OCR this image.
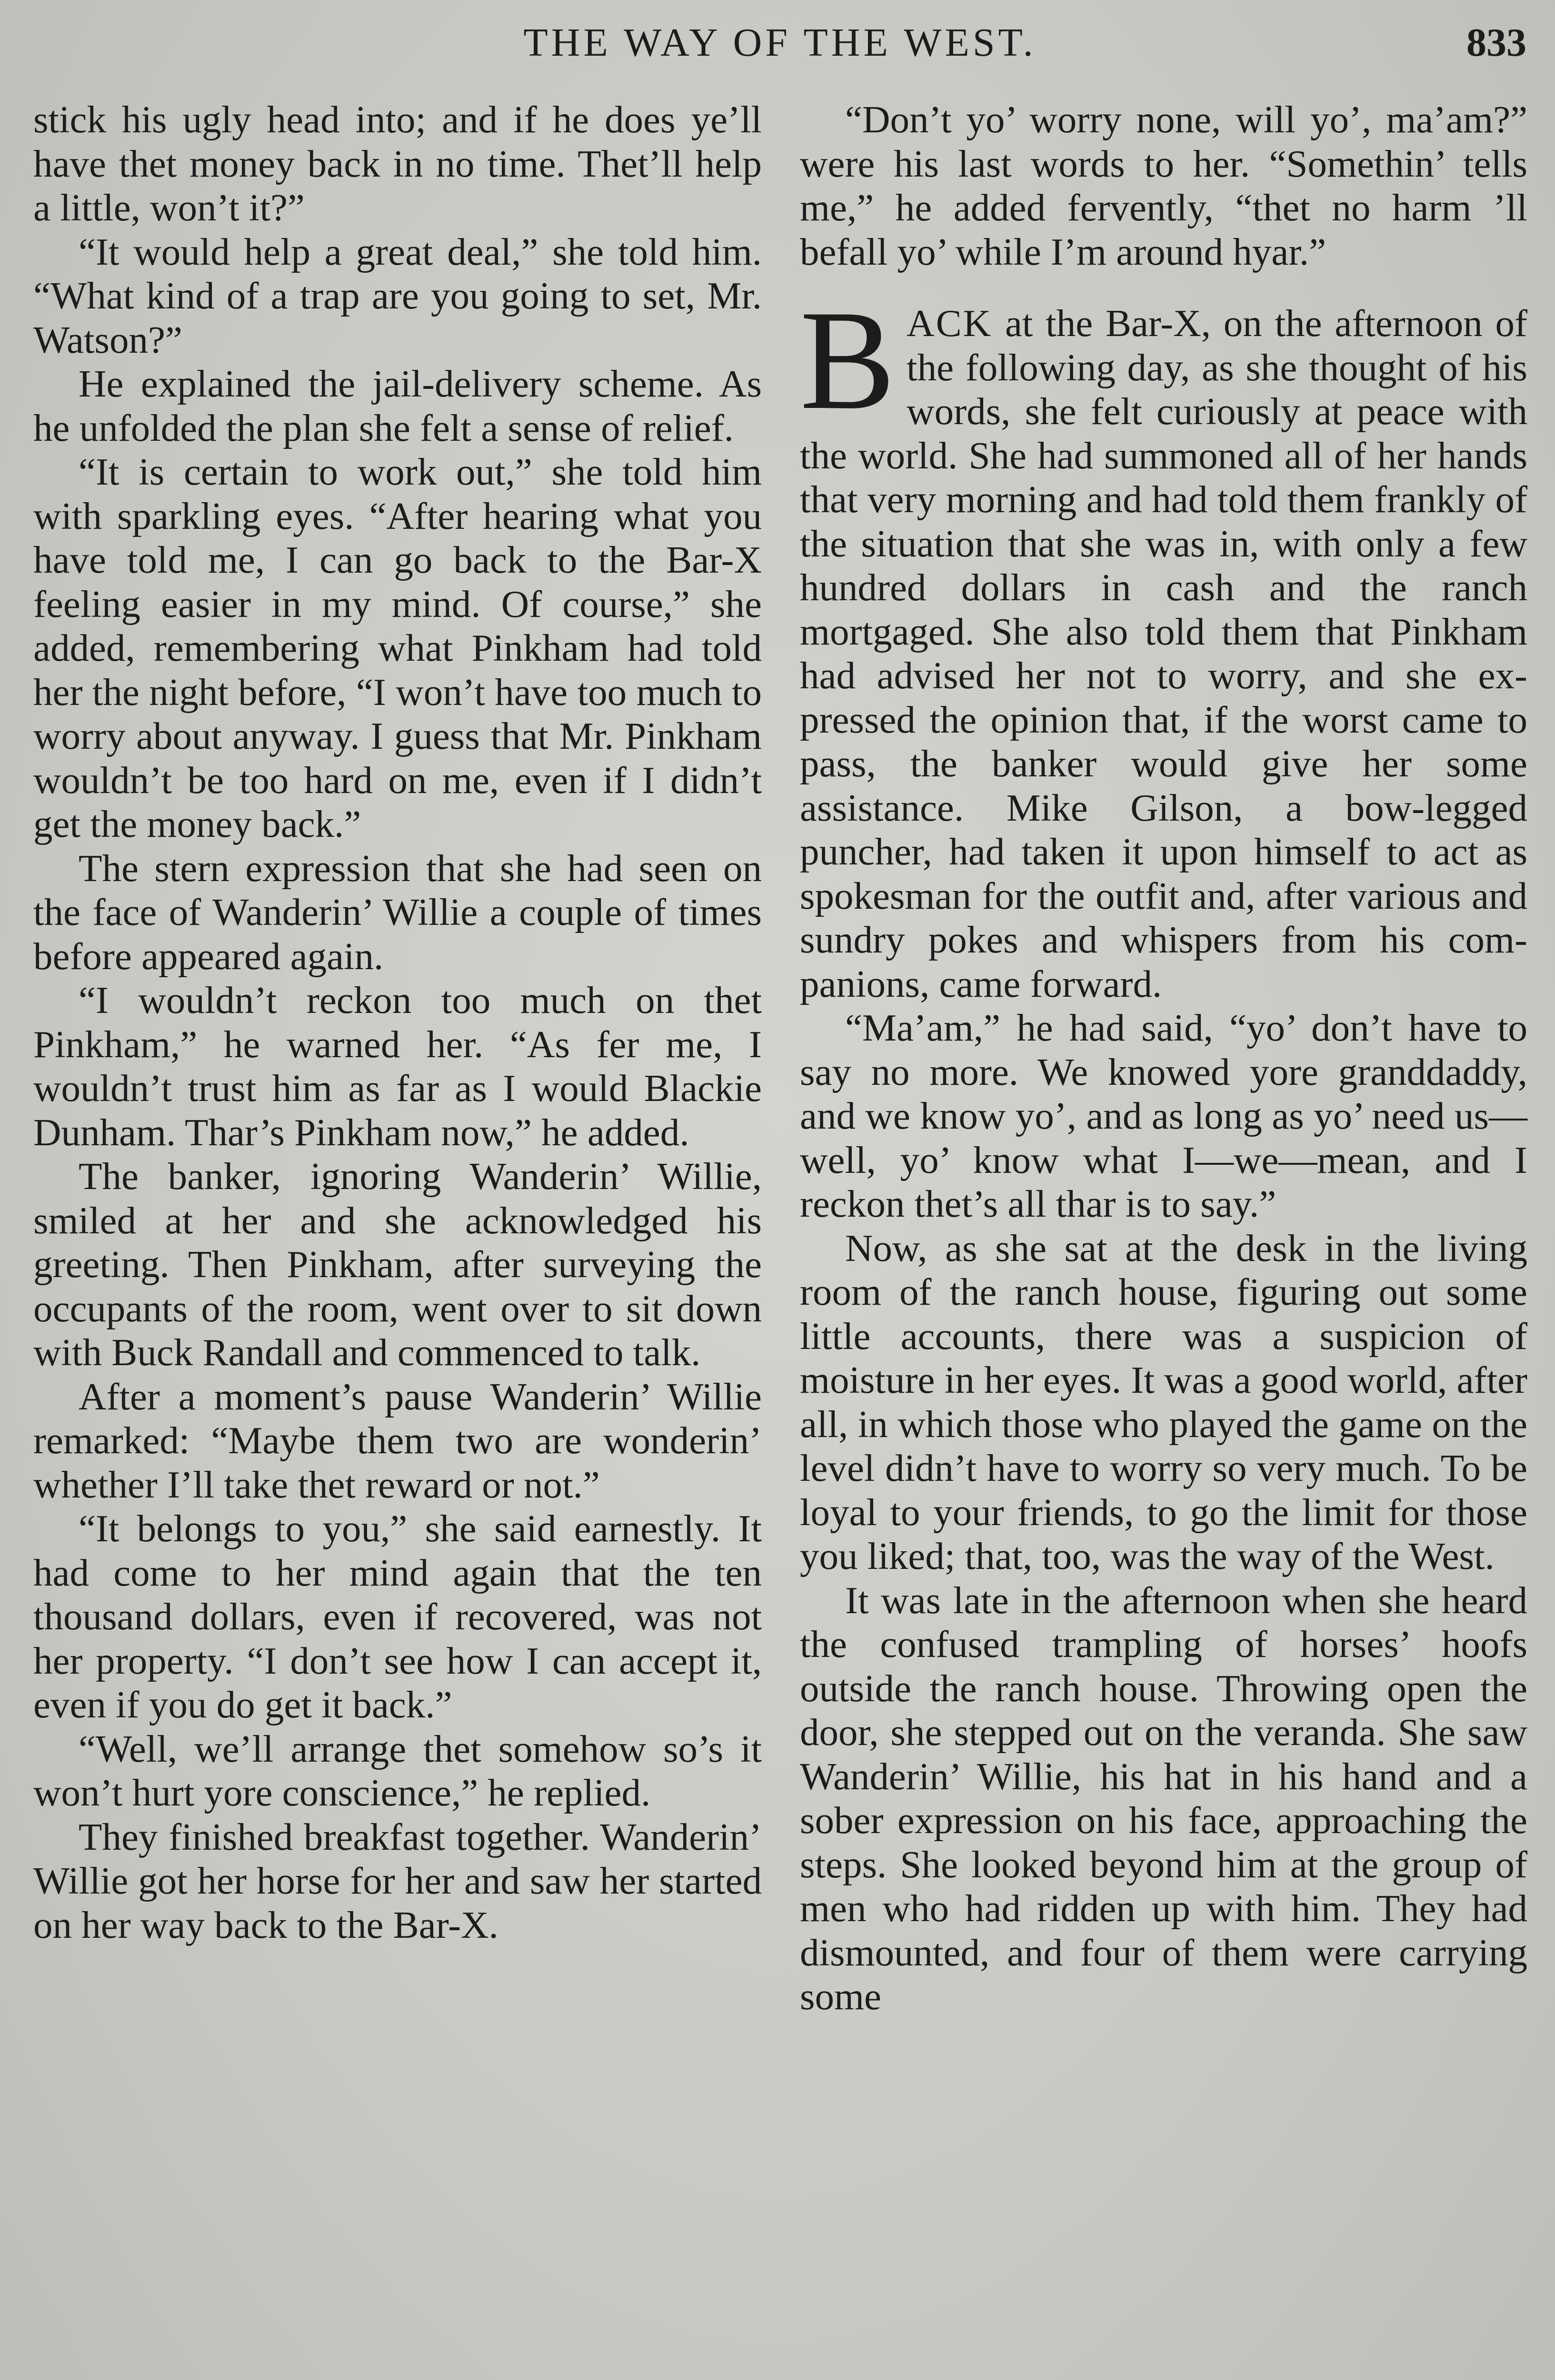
THE WAY OF THE WEST.	833

stick his ugly head into; and if he does ye’ll have thet money back in no time. Thet’ll help a little, won’t it?”

“It would help a great deal,” she told him. “What kind of a trap are you going to set, Mr. Watson?”

He explained the jail-delivery scheme. As he unfolded the plan she felt a sense of relief.

“It is certain to work out,” she told him with sparkling eyes. “After hearing what you have told me, I can go back to the Bar-X feeling easier in my mind. Of course,” she added, remembering what Pinkham had told her the night before, “I won’t have too much to worry about anyway. I guess that Mr. Pinkham wouldn’t be too hard on me, even if I didn’t get the money back.”

The stern expression that she had seen on the face of Wanderin’ Willie a couple of times before appeared again.

“I wouldn’t reckon too much on thet Pinkham,” he warned her. “As fer me, I wouldn’t trust him as far as I would Blackie Dunham. Thar’s Pinkham now,” he added.

The banker, ignoring Wanderin’ Willie, smiled at her and she acknowledged his greeting. Then Pinkham, after surveying the occupants of the room, went over to sit down with Buck Randall and commenced to talk.

After a moment’s pause Wanderin’ Willie remarked: “Maybe them two are wonderin’ whether I’ll take thet reward or not.”

“It belongs to you,” she said earnestly. It had come to her mind again that the ten thousand dollars, even if recovered, was not her property. “I don’t see how I can accept it, even if you do get it back.”

“Well, we’ll arrange thet somehow so’s it won’t hurt yore conscience,” he replied.

They finished breakfast together. Wanderin’ Willie got her horse for her and saw her started on her way back to the Bar-X.

“Don’t yo’ worry none, will yo’, ma’am?” were his last words to her. “Somethin’ tells me,” he added fervently, “thet no harm ’ll befall yo’ while I’m around hyar.”

BACK at the Bar-X, on the afternoon of the following day, as she thought of his words, she felt curiously at peace with the world. She had summoned all of her hands that very morning and had told them frankly of the situation that she was in, with only a few hundred dollars in cash and the ranch mortgaged. She also told them that Pinkham had advised her not to worry, and she expressed the opinion that, if the worst came to pass, the banker would give her some assistance. Mike Gilson, a bow-legged puncher, had taken it upon himself to act as spokesman for the outfit and, after various and sundry pokes and whispers from his companions, came forward.

“Ma’am,” he had said, “yo’ don’t have to say no more. We knowed yore granddaddy, and we know yo’, and as long as yo’ need us—well, yo’ know what I—we—mean, and I reckon thet’s all thar is to say.”

Now, as she sat at the desk in the living room of the ranch house, figuring out some little accounts, there was a suspicion of moisture in her eyes. It was a good world, after all, in which those who played the game on the level didn’t have to worry so very much. To be loyal to your friends, to go the limit for those you liked; that, too, was the way of the West.

It was late in the afternoon when she heard the confused trampling of horses’ hoofs outside the ranch house. Throwing open the door, she stepped out on the veranda. She saw Wanderin’ Willie, his hat in his hand and a sober expression on his face, approaching the steps. She looked beyond him at the group of men who had ridden up with him. They had dismounted, and four of them were carrying some
